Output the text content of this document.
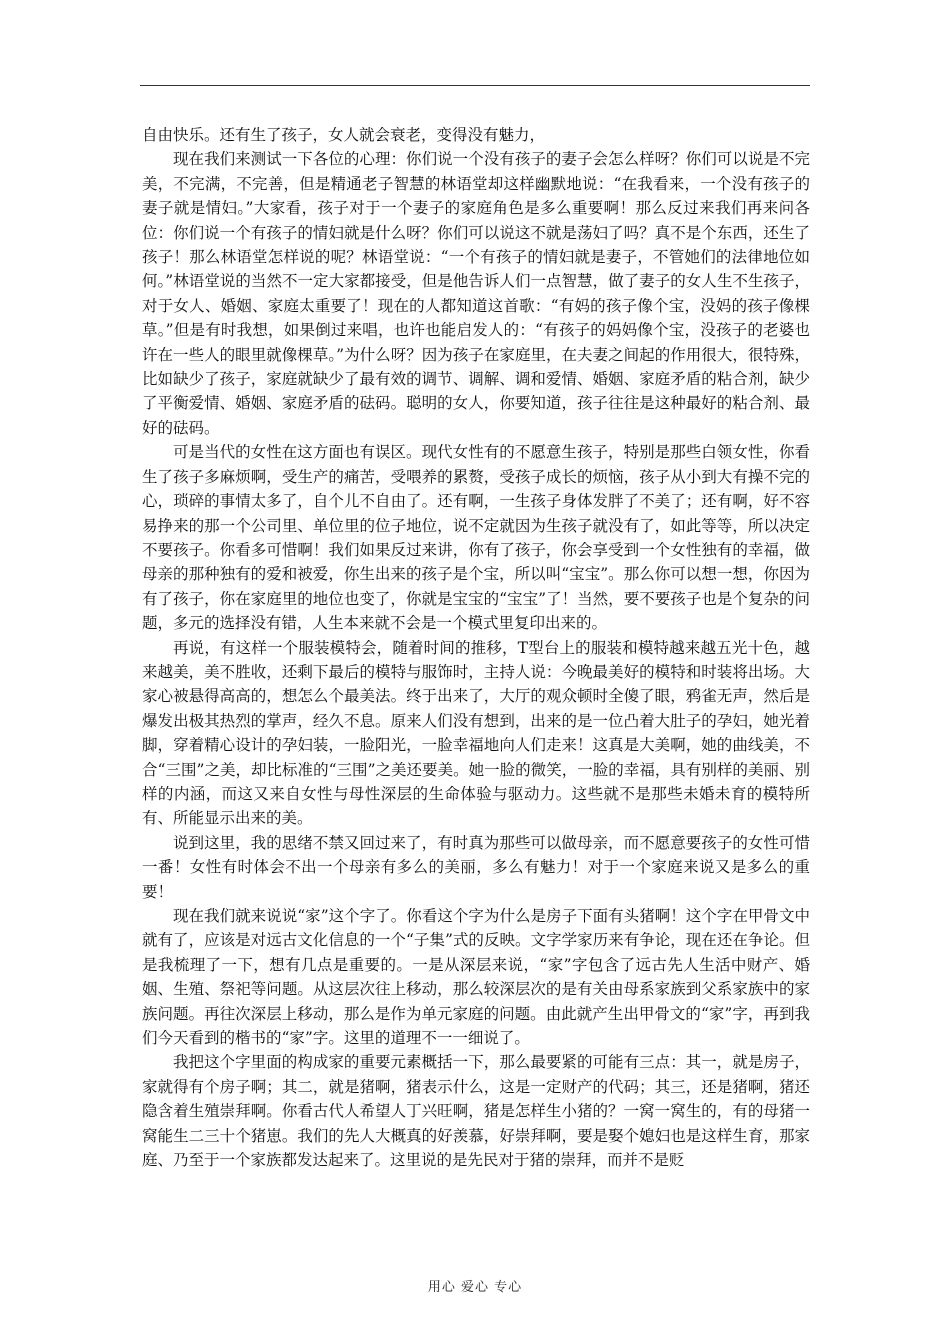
自由快乐。还有生了孩子，女人就会衰老，变得没有魅力，

现在我们来测试一下各位的心理：你们说一个没有孩子的妻子会怎么样呀？你们可以说是不完美，不完满，不完善，但是精通老子智慧的林语堂却这样幽默地说：“在我看来，一个没有孩子的妻子就是情妇。”大家看，孩子对于一个妻子的家庭角色是多么重要啊！那么反过来我们再来问各位：你们说一个有孩子的情妇就是什么呀？你们可以说这不就是荡妇了吗？真不是个东西，还生了孩子！那么林语堂怎样说的呢？林语堂说：“一个有孩子的情妇就是妻子，不管她们的法律地位如何。”林语堂说的当然不一定大家都接受，但是他告诉人们一点智慧，做了妻子的女人生不生孩子，对于女人、婚姻、家庭太重要了！现在的人都知道这首歌：“有妈的孩子像个宝，没妈的孩子像棵草。”但是有时我想，如果倒过来唱，也许也能启发人的：“有孩子的妈妈像个宝，没孩子的老婆也许在一些人的眼里就像棵草。”为什么呀？因为孩子在家庭里，在夫妻之间起的作用很大，很特殊，比如缺少了孩子，家庭就缺少了最有效的调节、调解、调和爱情、婚姻、家庭矛盾的粘合剂，缺少了平衡爱情、婚姻、家庭矛盾的砝码。聪明的女人，你要知道，孩子往往是这种最好的粘合剂、最好的砝码。

可是当代的女性在这方面也有误区。现代女性有的不愿意生孩子，特别是那些白领女性，你看生了孩子多麻烦啊，受生产的痛苦，受喂养的累赘，受孩子成长的烦恼，孩子从小到大有操不完的心，琐碎的事情太多了，自个儿不自由了。还有啊，一生孩子身体发胖了不美了；还有啊，好不容易挣来的那一个公司里、单位里的位子地位，说不定就因为生孩子就没有了，如此等等，所以决定不要孩子。你看多可惜啊！我们如果反过来讲，你有了孩子，你会享受到一个女性独有的幸福，做母亲的那种独有的爱和被爱，你生出来的孩子是个宝，所以叫“宝宝”。那么你可以想一想，你因为有了孩子，你在家庭里的地位也变了，你就是宝宝的“宝宝”了！当然，要不要孩子也是个复杂的问题，多元的选择没有错，人生本来就不会是一个模式里复印出来的。

再说，有这样一个服装模特会，随着时间的推移，T型台上的服装和模特越来越五光十色，越来越美，美不胜收，还剩下最后的模特与服饰时，主持人说：今晚最美好的模特和时装将出场。大家心被悬得高高的，想怎么个最美法。终于出来了，大厅的观众顿时全傻了眼，鸦雀无声，然后是爆发出极其热烈的掌声，经久不息。原来人们没有想到，出来的是一位凸着大肚子的孕妇，她光着脚，穿着精心设计的孕妇装，一脸阳光，一脸幸福地向人们走来！这真是大美啊，她的曲线美，不合“三围”之美，却比标准的“三围”之美还要美。她一脸的微笑，一脸的幸福，具有别样的美丽、别样的内涵，而这又来自女性与母性深层的生命体验与驱动力。这些就不是那些未婚未育的模特所有、所能显示出来的美。

说到这里，我的思绪不禁又回过来了，有时真为那些可以做母亲，而不愿意要孩子的女性可惜一番！女性有时体会不出一个母亲有多么的美丽，多么有魅力！对于一个家庭来说又是多么的重要！

现在我们就来说说“家”这个字了。你看这个字为什么是房子下面有头猪啊！这个字在甲骨文中就有了，应该是对远古文化信息的一个“子集”式的反映。文字学家历来有争论，现在还在争论。但是我梳理了一下，想有几点是重要的。一是从深层来说，“家”字包含了远古先人生活中财产、婚姻、生殖、祭祀等问题。从这层次往上移动，那么较深层次的是有关由母系家族到父系家族中的家族问题。再往次深层上移动，那么是作为单元家庭的问题。由此就产生出甲骨文的“家”字，再到我们今天看到的楷书的“家”字。这里的道理不一一细说了。

我把这个字里面的构成家的重要元素概括一下，那么最要紧的可能有三点：其一，就是房子，家就得有个房子啊；其二，就是猪啊，猪表示什么，这是一定财产的代码；其三，还是猪啊，猪还隐含着生殖崇拜啊。你看古代人希望人丁兴旺啊，猪是怎样生小猪的？一窝一窝生的，有的母猪一窝能生二三十个猪崽。我们的先人大概真的好羡慕，好崇拜啊，要是娶个媳妇也是这样生育，那家庭、乃至于一个家族都发达起来了。这里说的是先民对于猪的崇拜，而并不是贬

用心 爱心 专心
